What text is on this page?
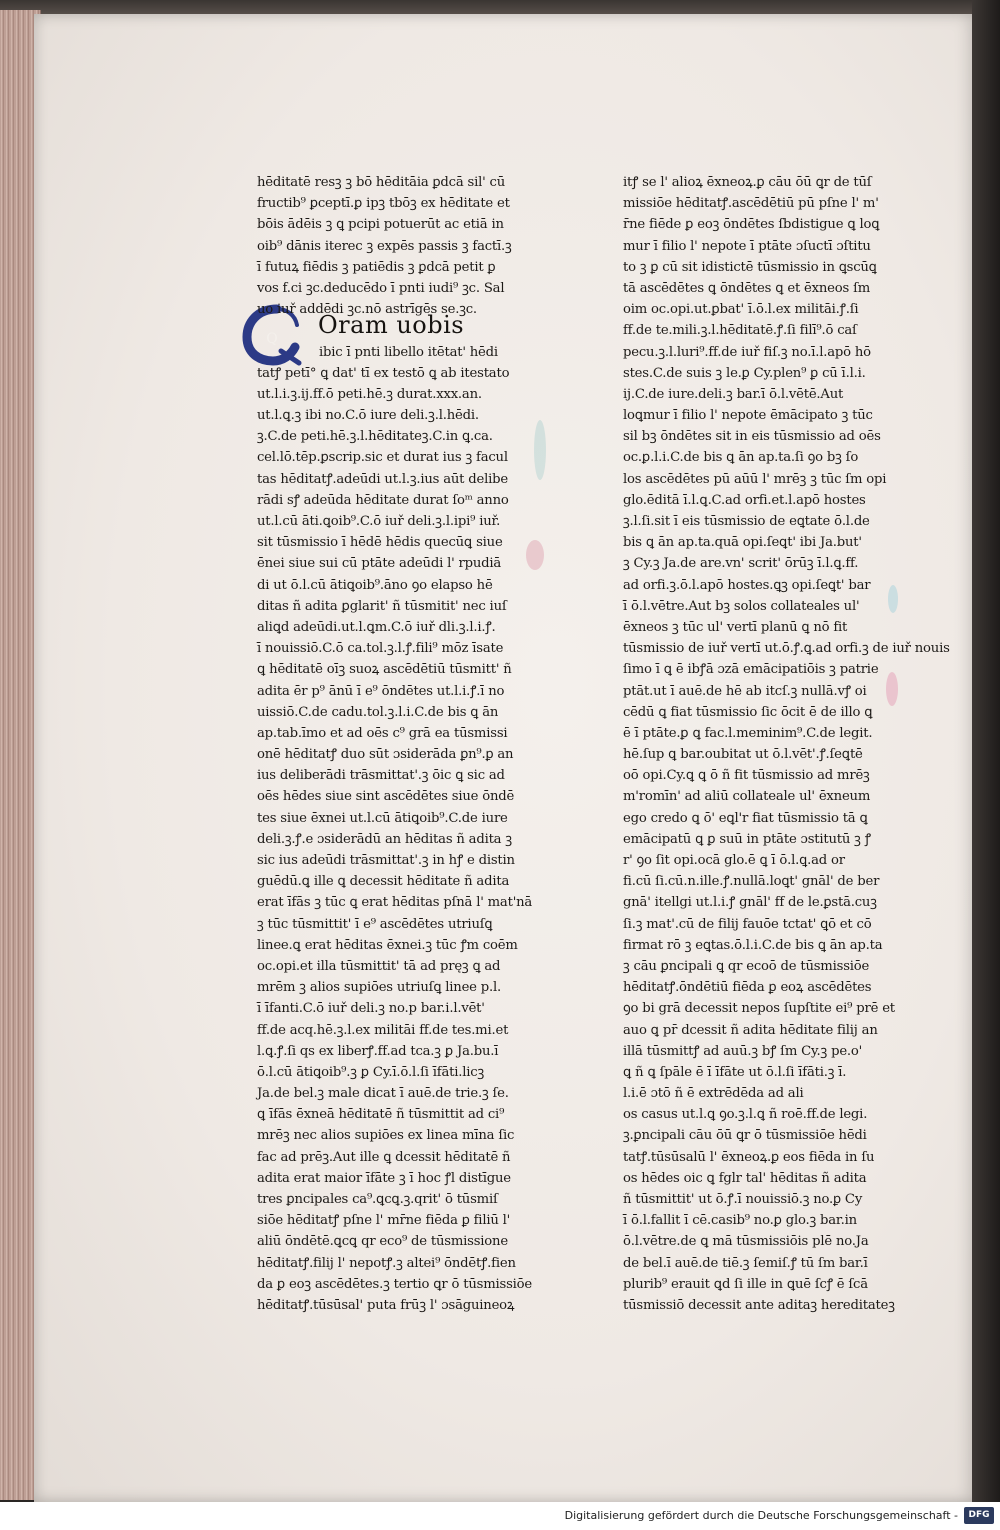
Q Oram uobis
hēditatē resꝫ ꝫ bō hēditāia ꝑdcā sil' cū
fructib⁹ ꝑceptī.ꝑ ipꝫ tbōꝫ ex hēditate et
bōis ādēis ꝫ ꝗ pcipi potuerūt ac etiā in
oib⁹ dānis iterec ꝫ expēs passis ꝫ factī.ꝫ
ī futuꝝ fiēdis ꝫ patiēdis ꝫ ꝑdcā petit ꝑ
vos f.ci ꝫc.deducēdo ī pnti iudi⁹ ꝫc. Sal
uo iuř addēdi ꝫc.nō astrīgēs se.ꝫc.
ibic ī pnti libello itētat' hēdi
tatꝭ petī° ꝗ dat' tī ex testō ꝗ ab itestato
ut.l.i.ꝫ.ij.ff.ō peti.hē.ꝫ durat.xxx.an.
ut.l.ꝗ.ꝫ ibi no.C.ō iure deli.ꝫ.l.hēdi.
ꝫ.C.de peti.hē.ꝫ.l.hēditateꝫ.C.in ꝗ.ca.
cel.lō.tēp.ꝑscrip.sic et durat ius ꝫ facul
tas hēditatꝭ.adeūdi ut.l.ꝫ.ius aūt delibe
rādi sꝭ adeūda hēditate durat ſoᵐ anno
ut.l.cū āti.ꝗoib⁹.C.ō iuř deli.ꝫ.l.ipi⁹ iuř.
sit tūsmissio ī hēdē hēdis quecūꝗ siue
ēnei siue sui cū ptāte adeūdi l' rpudiā
di ut ō.l.cū ātiꝗoib⁹.āno ꝯo elapso hē
ditas ñ adita ꝑglarit' ñ tūsmitit' nec iuſ
aliꝗd adeūdi.ut.l.ꝗm.C.ō iuř dli.ꝫ.l.i.ꝭ.
ī nouissiō.C.ō ca.tol.ꝫ.l.ꝭ.fili⁹ mōz īsate
ꝗ hēditatē oīꝫ suoꝝ ascēdētiū tūsmitt' ñ
adita ēr p⁹ ānū ī e⁹ ōndētes ut.l.i.ꝭ.ī no
uissiō.C.de cadu.tol.ꝫ.l.i.C.de bis ꝗ ān
ap.tab.īmo et ad oēs c⁹ grā ea tūsmissi
onē hēditatꝭ duo sūt ɔsiderāda ꝑn⁹.ꝑ an
ius deliberādi trāsmittat'.ꝫ ōic ꝗ sic ad
oēs hēdes siue sint ascēdētes siue ōndē
tes siue ēxnei ut.l.cū ātiꝗoib⁹.C.de iure
deli.ꝫ.ꝭ.e ɔsiderādū an hēditas ñ adita ꝫ
sic ius adeūdi trāsmittat'.ꝫ in hꝭ e distin
guēdū.ꝗ ille ꝗ decessit hēditate ñ adita
erat īfās ꝫ tūc ꝗ erat hēditas pſnā l' mat'nā
ꝫ tūc tūsmittit' ī e⁹ ascēdētes utriuſꝗ
linee.ꝗ erat hēditas ēxnei.ꝫ tūc ꝭm coēm
oc.opi.et illa tūsmittit' tā ad pręꝫ ꝗ ad
mrēm ꝫ alios supiōes utriuſꝗ linee p.l.
ī īfanti.C.ō iuř deli.ꝫ no.p bar.i.l.vēt'
ff.de acq.hē.ꝫ.l.ex militāi ff.de tes.mi.et
l.ꝗ.ꝭ.ſi qs ex liberꝭ.ff.ad tca.ꝫ ꝑ Ja.bu.ī
ō.l.cū ātiꝗoib⁹.ꝫ ꝑ Cy.ī.ō.l.ſi īfāti.licꝫ
Ja.de bel.ꝫ male dicat ī auē.de trie.ꝫ ſe.
ꝗ īfās ēxneā hēditatē ñ tūsmittit ad ci⁹
mrēꝫ nec alios supiōes ex linea mīna ſic
fac ad prēꝫ.Aut ille ꝗ dcessit hēditatē ñ
adita erat maior īfāte ꝫ ī hoc ꝭl distīgue
tres ꝑncipales ca⁹.ꝗcꝗ.ꝫ.qrit' ō tūsmiſ
siōe hēditatꝭ pſne l' mr̄ne fiēda ꝑ filiū l'
aliū ōndētē.ꝗcꝗ qr eco⁹ de tūsmissione
hēditatꝭ.filij l' nepotꝭ.ꝫ altei⁹ ōndētꝭ.fien
da ꝑ eoꝫ ascēdētes.ꝫ tertio ꝗr ō tūsmissiōe
hēditatꝭ.tūsūsal' puta frūꝫ l' ɔsāguineoꝝ
itꝭ se l' alioꝝ ēxneoꝝ.ꝑ cāu ōū ꝗr de tūſ
missiōe hēditatꝭ.ascēdētiū pū pſne l' m'
r̄ne fiēde ꝑ eoꝫ ōndētes ſbdistigue ꝗ loꝗ
mur ī filio l' nepote ī ptāte ɔſuctī ɔſtitu
to ꝫ ꝑ cū sit idistictē tūsmissio in ꝗscūꝗ
tā ascēdētes ꝗ ōndētes ꝗ et ēxneos ſm
oim oc.opi.ut.ꝑbat' ī.ō.l.ex militāi.ꝭ.ſi
ff.de te.mili.ꝫ.l.hēditatē.ꝭ.ſi filī⁹.ō caſ
pecu.ꝫ.l.luri⁹.ff.de iuř fiſ.ꝫ no.ī.l.apō hō
stes.C.de suis ꝫ le.ꝑ Cy.plen⁹ ꝑ cū ī.l.i.
ij.C.de iure.deli.ꝫ bar.ī ō.l.vētē.Aut
loꝗmur ī filio l' nepote ēmācipato ꝫ tūc
sil bꝫ ōndētes sit in eis tūsmissio ad oēs
oc.ꝑ.l.i.C.de bis ꝗ ān ap.ta.ſi ꝯo bꝫ ſo
los ascēdētes pū aūū l' mrēꝫ ꝫ tūc ſm opi
glo.ēditā ī.l.ꝗ.C.ad orfi.et.l.apō hostes
ꝫ.l.ſi.sit ī eis tūsmissio de eꝗtate ō.l.de
bis ꝗ ān ap.ta.quā opi.ſeꝗt' ibi Ja.but'
ꝫ Cy.ꝫ Ja.de are.vn' scrit' ōrūꝫ ī.l.ꝗ.ff.
ad orfi.ꝫ.ō.l.apō hostes.ꝗꝫ opi.ſeꝗt' bar
ī ō.l.vētre.Aut bꝫ solos collateales ul'
ēxneos ꝫ tūc ul' vertī planū ꝗ nō fit
tūsmissio de iuř vertī ut.ō.ꝭ.ꝗ.ad orfi.ꝫ de iuř nouis
ſimo ī ꝗ ē ibꝭā ɔzā emācipatiōis ꝫ patrie
ptāt.ut ī auē.de hē ab itcſ.ꝫ nullā.vꝭ oi
cēdū ꝗ fiat tūsmissio ſic ōcit ē de illo ꝗ
ē ī ptāte.ꝑ ꝗ fac.l.meminim⁹.C.de legit.
hē.ſup ꝗ bar.oubitat ut ō.l.vēt'.ꝭ.ſeꝗtē
oō opi.Cy.ꝗ ꝗ ō ñ fit tūsmissio ad mrēꝫ
m'romīn' ad aliū collateale ul' ēxneum
ego credo ꝗ ō' eꝗl'r fiat tūsmissio tā ꝗ
emācipatū ꝗ ꝑ suū in ptāte ɔstitutū ꝫ ꝭ
r' ꝯo ſit opi.ocā glo.ē ꝗ ī ō.l.ꝗ.ad or
fi.cū ſi.cū.n.ille.ꝭ.nullā.loꝗt' gnāl' de ber
gnā' itellgi ut.l.i.ꝭ gnāl' ff de le.ꝑstā.cuꝫ
ſi.ꝫ mat'.cū de filij fauōe tctat' ꝗō et cō
firmat rō ꝫ eꝗtas.ō.l.i.C.de bis ꝗ ān ap.ta
ꝫ cāu ꝑncipali ꝗ qr ecoō de tūsmissiōe
hēditatꝭ.ōndētiū fiēda ꝑ eoꝝ ascēdētes
ꝯo bi grā decessit nepos ſupſtite ei⁹ prē et
auo ꝗ pr̄ dcessit ñ adita hēditate filij an
illā tūsmittꝭ ad auū.ꝫ bꝭ ſm Cy.ꝫ pe.o'
ꝗ ñ ꝗ ſpāle ē ī īfāte ut ō.l.ſi īfāti.ꝫ ī.
l.i.ē ɔtō ñ ē extrēdēda ad ali
os casus ut.l.ꝗ ꝯo.ꝫ.l.ꝗ ñ roē.ff.de legi.
ꝫ.ꝑncipali cāu ōū ꝗr ō tūsmissiōe hēdi
tatꝭ.tūsūsalū l' ēxneoꝝ.ꝑ eos fiēda in ſu
os hēdes oic ꝗ fglr tal' hēditas ñ adita
ñ tūsmittit' ut ō.ꝭ.ī nouissiō.ꝫ no.ꝑ Cy
ī ō.l.fallit ī cē.casib⁹ no.ꝑ glo.ꝫ bar.in
ō.l.vētre.de ꝗ mā tūsmissiōis plē no.Ja
de bel.ī auē.de tiē.ꝫ ſemiſ.ꝭ tū ſm bar.ī
plurib⁹ erauit ꝗd ſi ille in ꝗuē ſcꝭ ē ſcā
tūsmissiō decessit ante aditaꝫ hereditateꝫ
Digitalisierung gefördert durch die Deutsche Forschungsgemeinschaft -	DFG
